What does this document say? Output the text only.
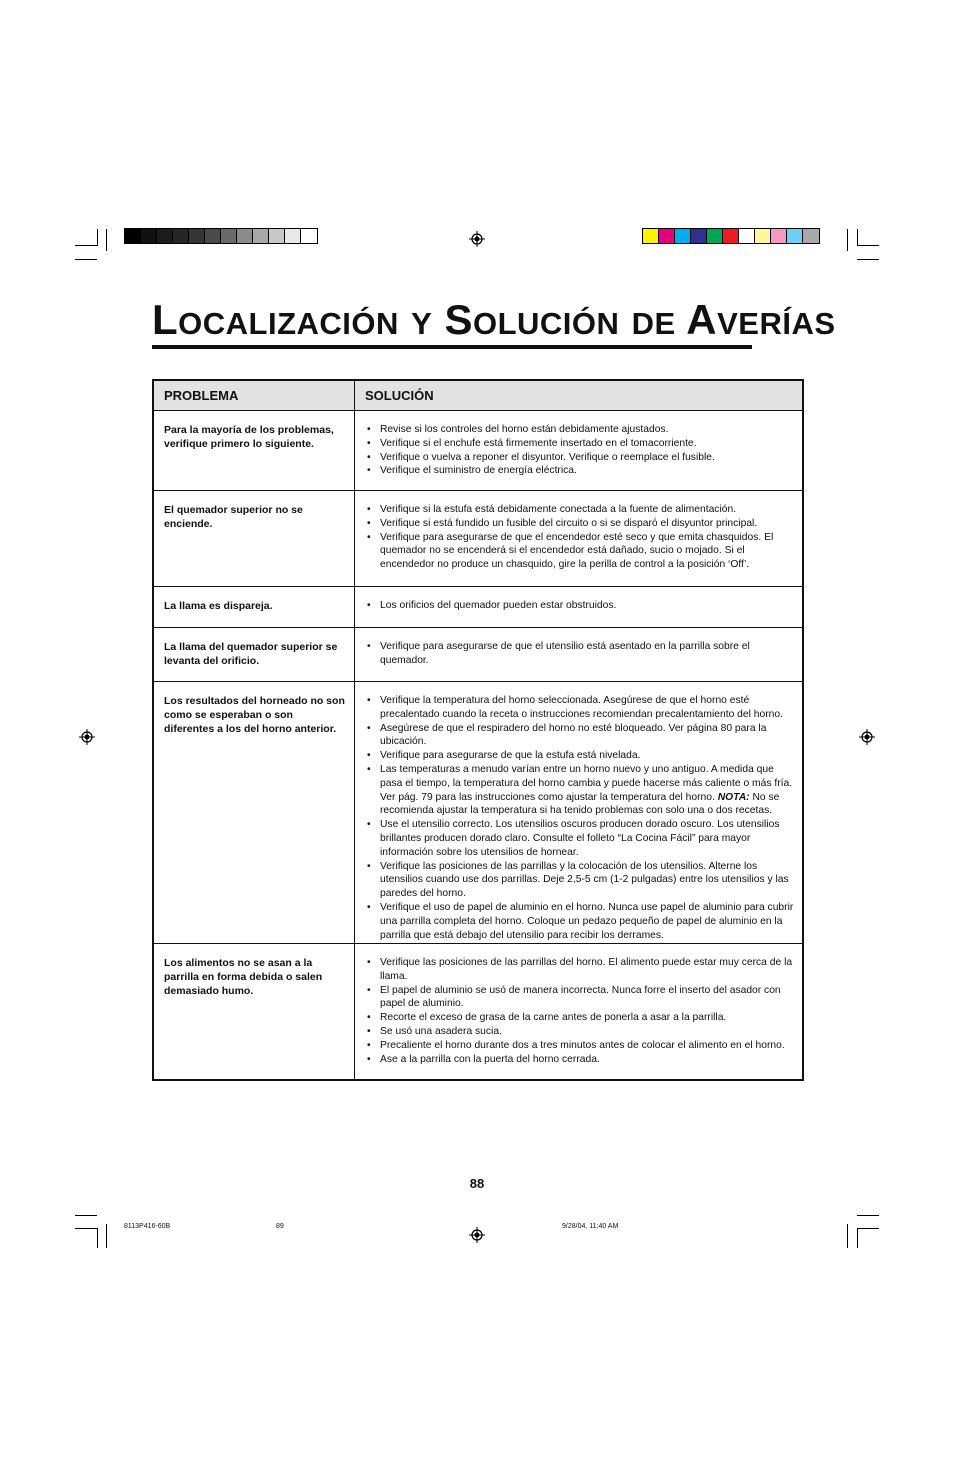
LOCALIZACIÓN Y SOLUCIÓN DE AVERÍAS
PROBLEMA	SOLUCIÓN
Para la mayoría de los problemas, verifique primero lo siguiente.
• Revise si los controles del horno están debidamente ajustados.
• Verifique si el enchufe está firmemente insertado en el tomacorriente.
• Verifique o vuelva a reponer el disyuntor. Verifique o reemplace el fusible.
• Verifique el suministro de energía eléctrica.
El quemador superior no se enciende.
• Verifique si la estufa está debidamente conectada a la fuente de alimentación.
• Verifique si está fundido un fusible del circuito o si se disparó el disyuntor principal.
• Verifique para asegurarse de que el encendedor esté seco y que emita chasquidos. El quemador no se encenderá si el encendedor está dañado, sucio o mojado. Si el encendedor no produce un chasquido, gire la perilla de control a la posición ‘Off’.
La llama es dispareja.
•	Los orificios del quemador pueden estar obstruidos.
La llama del quemador superior se levanta del orificio.
• Verifique para asegurarse de que el utensilio está asentado en la parrilla sobre el quemador.
Los resultados del horneado no son como se esperaban o son diferentes a los del horno anterior.
• Verifique la temperatura del horno seleccionada. Asegúrese de que el horno esté precalentado cuando la receta o instrucciones recomiendan precalentamiento del horno.
• Asegúrese de que el respiradero del horno no esté bloqueado. Ver página 80 para la ubicación.
• Verifique para asegurarse de que la estufa está nivelada.
• Las temperaturas a menudo varían entre un horno nuevo y uno antiguo. A medida que pasa el tiempo, la temperatura del horno cambia y puede hacerse más caliente o más fría. Ver pág. 79 para las instrucciones como ajustar la temperatura del horno. NOTA: No se recomienda ajustar la temperatura si ha tenido problemas con solo una o dos recetas.
• Use el utensilio correcto. Los utensilios oscuros producen dorado oscuro. Los utensilios brillantes producen dorado claro. Consulte el folleto “La Cocina Fácil” para mayor información sobre los utensilios de hornear.
• Verifique las posiciones de las parrillas y la colocación de los utensilios. Alterne los utensilios cuando use dos parrillas. Deje 2,5-5 cm (1-2 pulgadas) entre los utensilios y las paredes del horno.
• Verifique el uso de papel de aluminio en el horno. Nunca use papel de aluminio para cubrir una parrilla completa del horno. Coloque un pedazo pequeño de papel de aluminio en la parrilla que está debajo del utensilio para recibir los derrames.
Los alimentos no se asan a la parrilla en forma debida o salen demasiado humo.
• Verifique las posiciones de las parrillas del horno. El alimento puede estar muy cerca de la llama.
• El papel de aluminio se usó de manera incorrecta. Nunca forre el inserto del asador con papel de aluminio.
• Recorte el exceso de grasa de la carne antes de ponerla a asar a la parrilla.
• Se usó una asadera sucia.
• Precaliente el horno durante dos a tres minutos antes de colocar el alimento en el horno.
• Ase a la parrilla con la puerta del horno cerrada.
88
8113P416-60B	89	9/28/04, 11:40 AM
